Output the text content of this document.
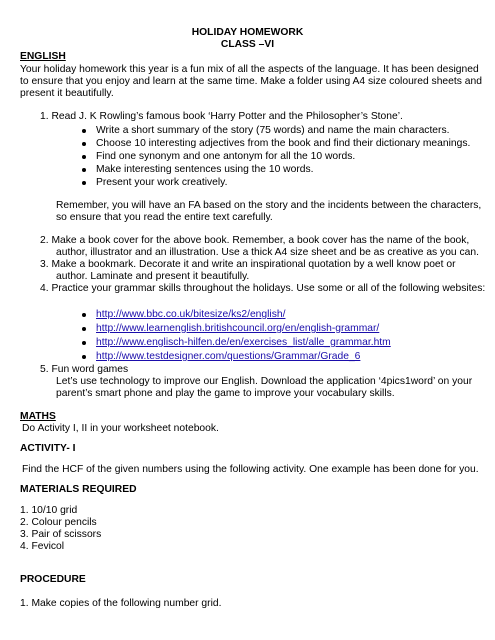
HOLIDAY HOMEWORK
CLASS –VI
ENGLISH
Your holiday homework this year is a fun mix of all the aspects of the language. It has been designed
to ensure that you enjoy and learn at the same time. Make a folder using A4 size coloured sheets and
present it beautifully.
1. Read J. K Rowling’s famous book ‘Harry Potter and the Philosopher’s Stone’.
Write a short summary of the story (75 words) and name the main characters.
Choose 10 interesting adjectives from the book and find their dictionary meanings.
Find one synonym and one antonym for all the 10 words.
Make interesting sentences using the 10 words.
Present your work creatively.
Remember, you will have an FA based on the story and the incidents between the characters,
so ensure that you read the entire text carefully.
2. Make a book cover for the above book. Remember, a book cover has the name of the book,
author, illustrator and an illustration. Use a thick A4 size sheet and be as creative as you can.
3. Make a bookmark. Decorate it and write an inspirational quotation by a well know poet or
author. Laminate and present it beautifully.
4. Practice your grammar skills throughout the holidays. Use some or all of the following websites:
http://www.bbc.co.uk/bitesize/ks2/english/
http://www.learnenglish.britishcouncil.org/en/english-grammar/
http://www.englisch-hilfen.de/en/exercises_list/alle_grammar.htm
http://www.testdesigner.com/questions/Grammar/Grade_6
5. Fun word games
Let’s use technology to improve our English. Download the application ‘4pics1word’ on your
parent’s smart phone and play the game to improve your vocabulary skills.
MATHS
Do Activity I, II in your worksheet notebook.
ACTIVITY- I
Find the HCF of the given numbers using the following activity. One example has been done for you.
MATERIALS REQUIRED
1. 10/10 grid
2. Colour pencils
3. Pair of scissors
4. Fevicol
PROCEDURE
1. Make copies of the following number grid.
